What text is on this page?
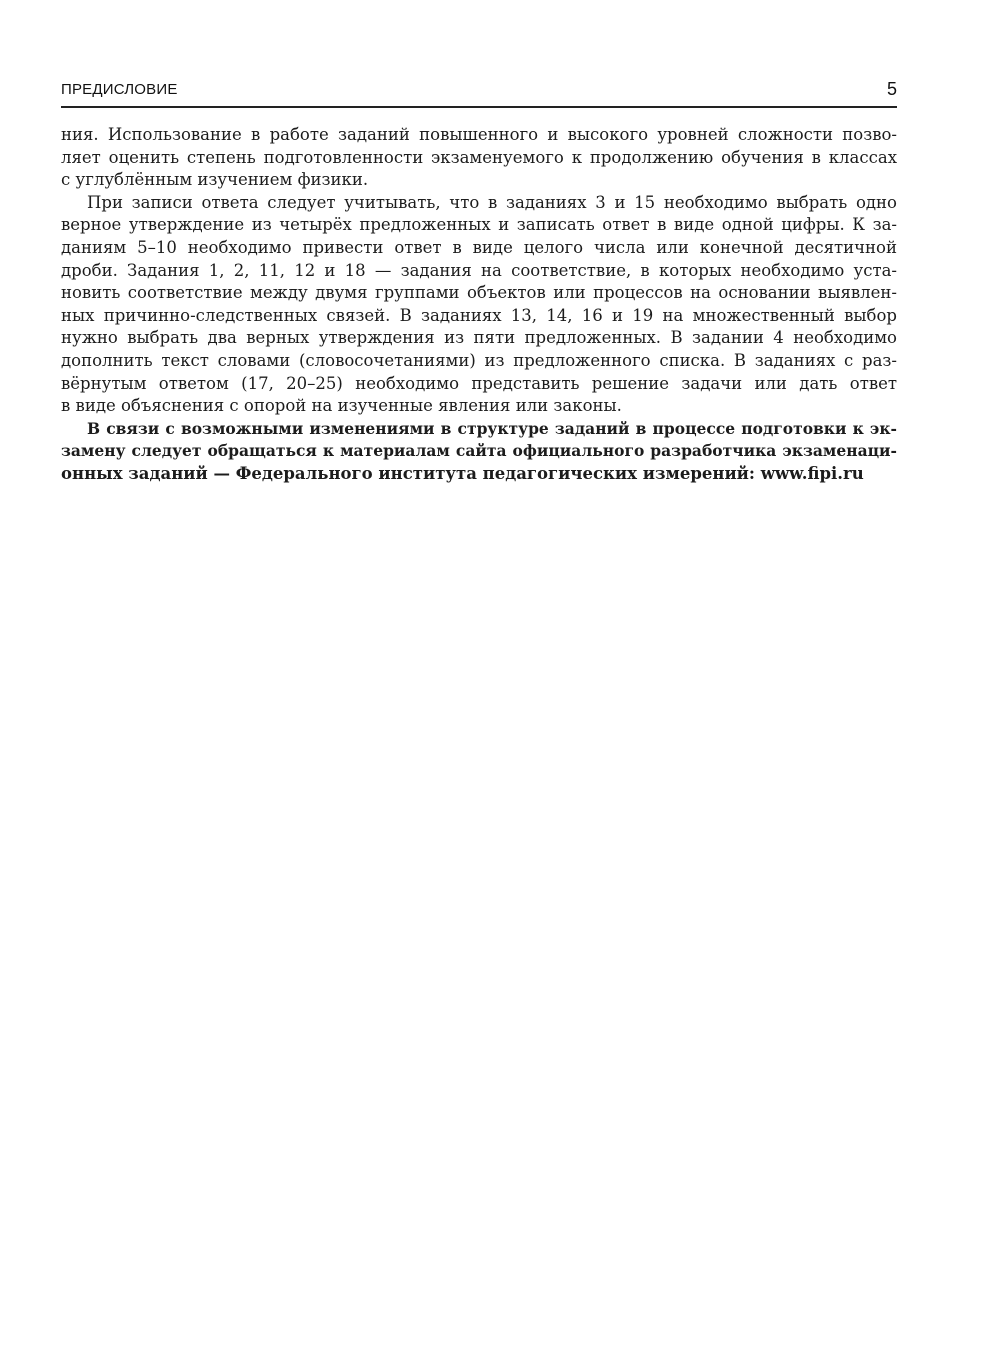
ПРЕДИСЛОВИЕ	5

ния. Использование в работе заданий повышенного и высокого уровней сложности позво-
ляет оценить степень подготовленности экзаменуемого к продолжению обучения в классах
с углублённым изучением физики.

При записи ответа следует учитывать, что в заданиях 3 и 15 необходимо выбрать одно
верное утверждение из четырёх предложенных и записать ответ в виде одной цифры. К за-
даниям 5–10 необходимо привести ответ в виде целого числа или конечной десятичной
дроби. Задания 1, 2, 11, 12 и 18 — задания на соответствие, в которых необходимо уста-
новить соответствие между двумя группами объектов или процессов на основании выявлен-
ных причинно-следственных связей. В заданиях 13, 14, 16 и 19 на множественный выбор
нужно выбрать два верных утверждения из пяти предложенных. В задании 4 необходимо
дополнить текст словами (словосочетаниями) из предложенного списка. В заданиях с раз-
вёрнутым ответом (17, 20–25) необходимо представить решение задачи или дать ответ
в виде объяснения с опорой на изученные явления или законы.

В связи с возможными изменениями в структуре заданий в процессе подготовки к эк-
замену следует обращаться к материалам сайта официального разработчика экзаменаци-
онных заданий — Федерального института педагогических измерений: www.fipi.ru
